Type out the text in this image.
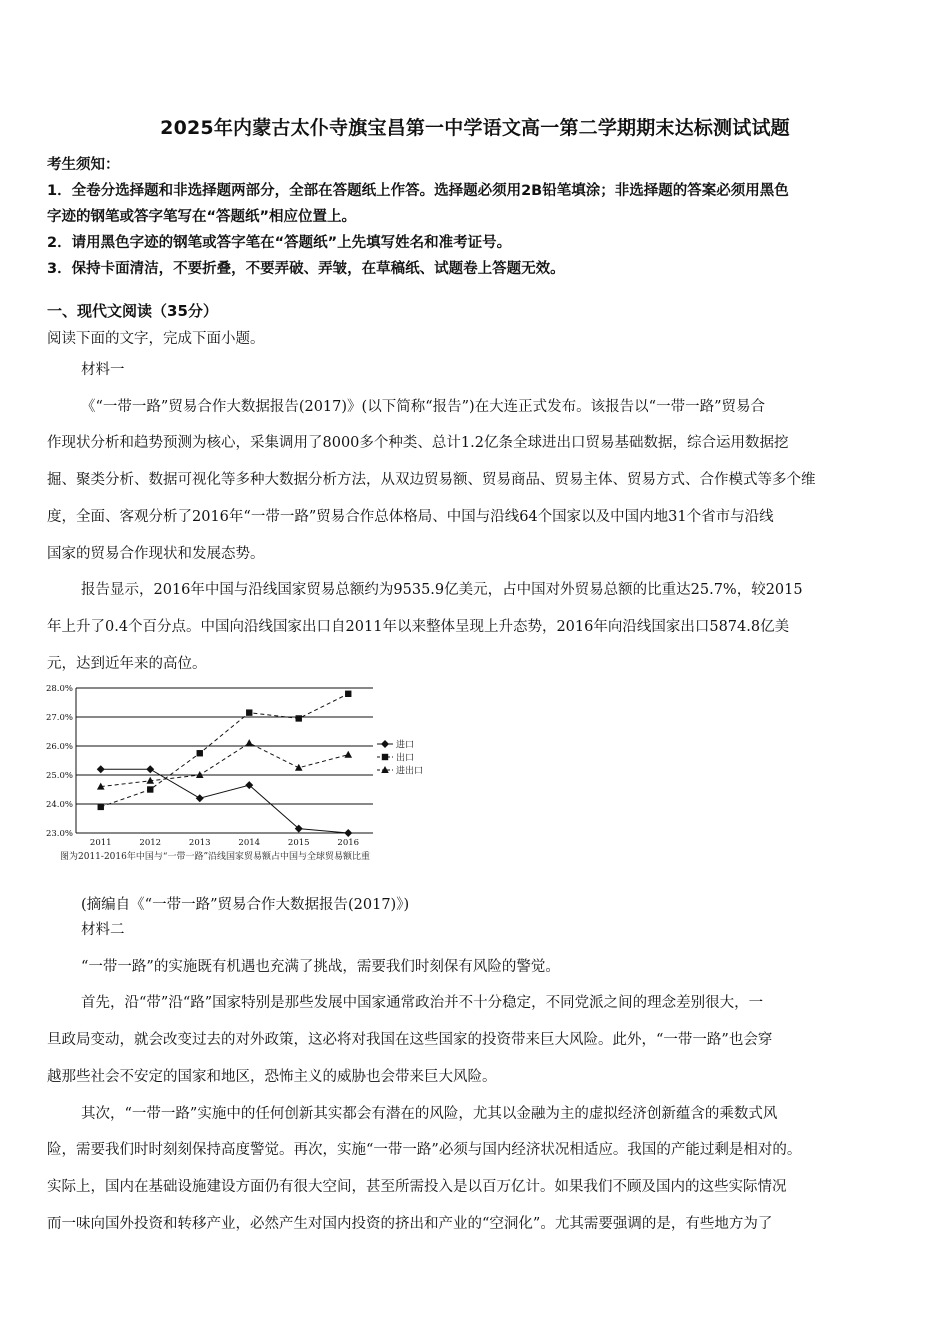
2025年内蒙古太仆寺旗宝昌第一中学语文高一第二学期期末达标测试试题
考生须知：
1．全卷分选择题和非选择题两部分，全部在答题纸上作答。选择题必须用2B铅笔填涂；非选择题的答案必须用黑色
字迹的钢笔或答字笔写在“答题纸”相应位置上。
2．请用黑色字迹的钢笔或答字笔在“答题纸”上先填写姓名和准考证号。
3．保持卡面清洁，不要折叠，不要弄破、弄皱，在草稿纸、试题卷上答题无效。
一、现代文阅读（35分）
阅读下面的文字，完成下面小题。

材料一

《“一带一路”贸易合作大数据报告(2017)》(以下简称“报告”)在大连正式发布。该报告以“一带一路”贸易合

作现状分析和趋势预测为核心，采集调用了8000多个种类、总计1.2亿条全球进出口贸易基础数据，综合运用数据挖

掘、聚类分析、数据可视化等多种大数据分析方法，从双边贸易额、贸易商品、贸易主体、贸易方式、合作模式等多个维

度，全面、客观分析了2016年“一带一路”贸易合作总体格局、中国与沿线64个国家以及中国内地31个省市与沿线

国家的贸易合作现状和发展态势。

报告显示，2016年中国与沿线国家贸易总额约为9535.9亿美元，占中国对外贸易总额的比重达25.7%，较2015

年上升了0.4个百分点。中国向沿线国家出口自2011年以来整体呈现上升态势，2016年向沿线国家出口5874.8亿美

元，达到近年来的高位。

23.0%
24.0%
25.0%
26.0%
27.0%
28.0%
2011	2012	2013	2014	2015	2016
进口
出口
进出口
图为2011-2016年中国与“一带一路”沿线国家贸易额占中国与全球贸易额比重
(摘编自《“一带一路”贸易合作大数据报告(2017)》)

材料二

“一带一路”的实施既有机遇也充满了挑战，需要我们时刻保有风险的警觉。

首先，沿“带”沿“路”国家特别是那些发展中国家通常政治并不十分稳定，不同党派之间的理念差别很大，一

旦政局变动，就会改变过去的对外政策，这必将对我国在这些国家的投资带来巨大风险。此外，“一带一路”也会穿

越那些社会不安定的国家和地区，恐怖主义的威胁也会带来巨大风险。

其次，“一带一路”实施中的任何创新其实都会有潜在的风险，尤其以金融为主的虚拟经济创新蕴含的乘数式风

险，需要我们时时刻刻保持高度警觉。再次，实施“一带一路”必须与国内经济状况相适应。我国的产能过剩是相对的。

实际上，国内在基础设施建设方面仍有很大空间，甚至所需投入是以百万亿计。如果我们不顾及国内的这些实际情况

而一味向国外投资和转移产业，必然产生对国内投资的挤出和产业的“空洞化”。尤其需要强调的是，有些地方为了
